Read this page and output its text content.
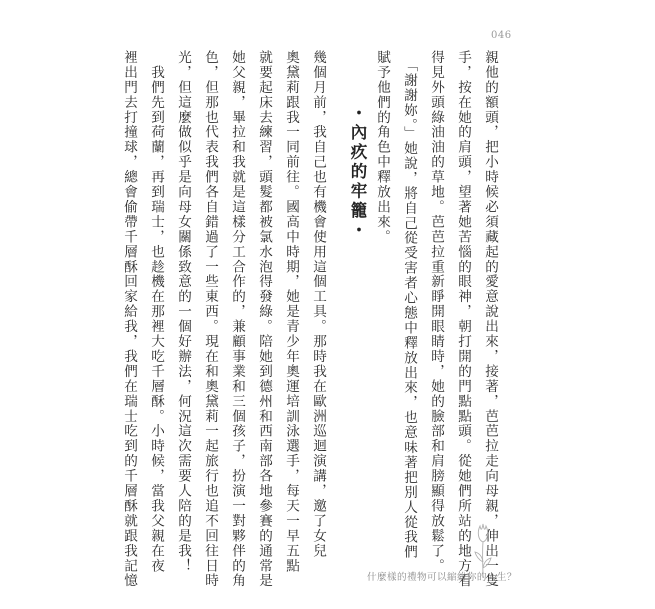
046
親他的額頭，把小時候必須藏起的愛意說出來，接著，芭芭拉走向母親，伸出一隻
手，按在她的肩頭，望著她苦惱的眼神，朝打開的門點點頭。從她們所站的地方看
得見外頭綠油油的草地。芭芭拉重新睜開眼睛時，她的臉部和肩膀顯得放鬆了。
　「謝謝妳。」她說，將自己從受害者心態中釋放出來，也意味著把別人從我們
賦予他們的角色中釋放出來。
・內疚的牢籠・
幾個月前，我自己也有機會使用這個工具。那時我在歐洲巡迴演講，邀了女兒
奧黛莉跟我一同前往。國高中時期，她是青少年奧運培訓泳選手，每天一早五點
就要起床去練習，頭髮都被氯水泡得發綠。陪她到德州和西南部各地參賽的通常是
她父親，畢拉和我就是這樣分工合作的，兼顧事業和三個孩子，扮演一對夥伴的角
色，但那也代表我們各自錯過了一些東西。現在和奧黛莉一起旅行也追不回往日時
光，但這麼做似乎是向母女關係致意的一個好辦法，何況這次需要人陪的是我！
　我們先到荷蘭，再到瑞士，也趁機在那裡大吃千層酥。小時候，當我父親在夜
裡出門去打撞球，總會偷帶千層酥回家給我，我們在瑞士吃到的千層酥就跟我記憶	什麼樣的禮物可以縮紛你的人生？
